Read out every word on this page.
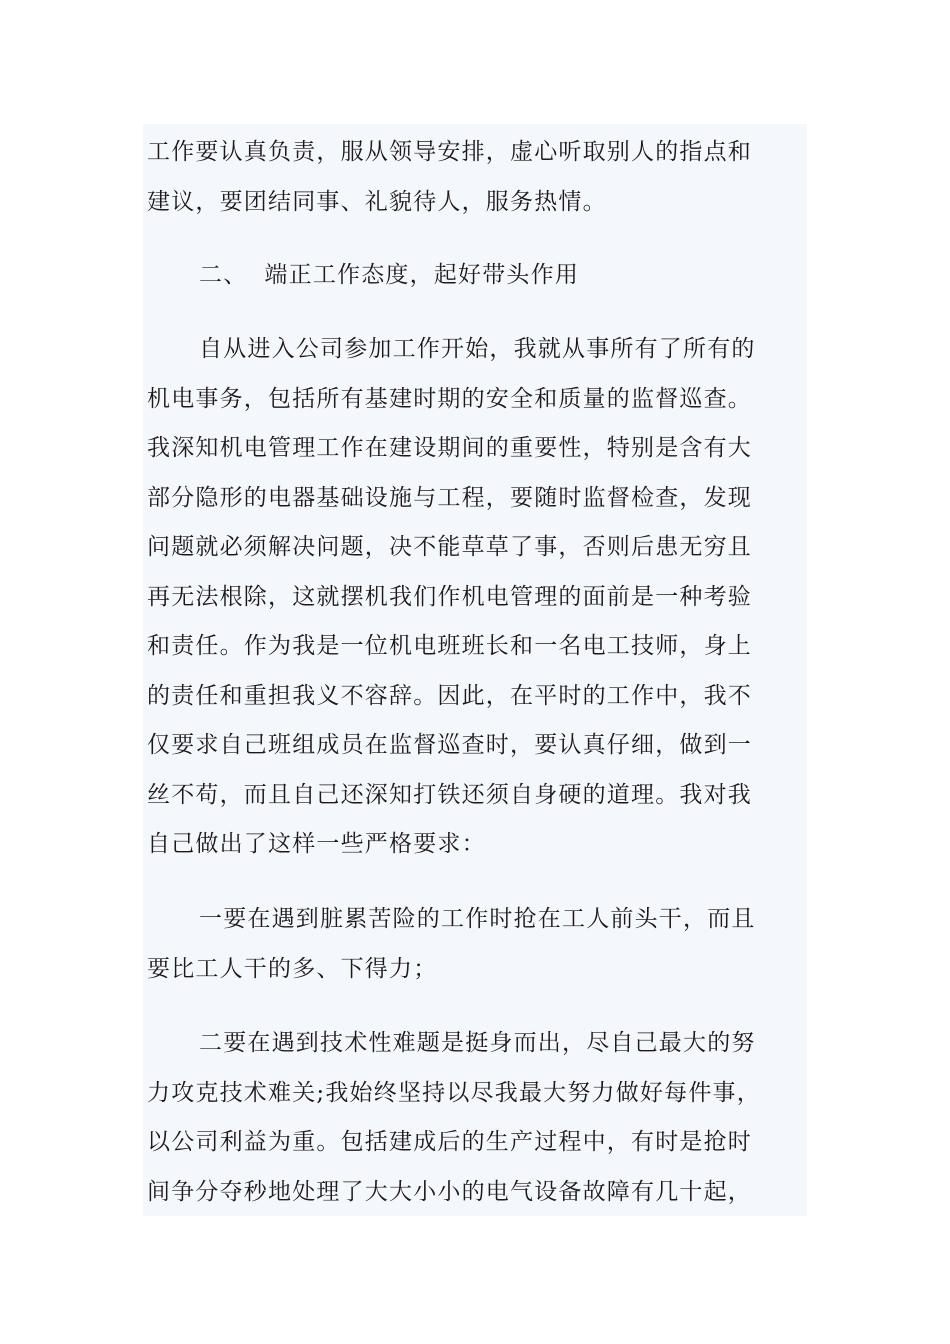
工作要认真负责，服从领导安排，虚心听取别人的指点和
建议，要团结同事、礼貌待人，服务热情。
二、  端正工作态度，起好带头作用
自从进入公司参加工作开始，我就从事所有了所有的
机电事务，包括所有基建时期的安全和质量的监督巡查。
我深知机电管理工作在建设期间的重要性，特别是含有大
部分隐形的电器基础设施与工程，要随时监督检查，发现
问题就必须解决问题，决不能草草了事，否则后患无穷且
再无法根除，这就摆机我们作机电管理的面前是一种考验
和责任。作为我是一位机电班班长和一名电工技师，身上
的责任和重担我义不容辞。因此，在平时的工作中，我不
仅要求自己班组成员在监督巡查时，要认真仔细，做到一
丝不苟，而且自己还深知打铁还须自身硬的道理。我对我
自己做出了这样一些严格要求：
一要在遇到脏累苦险的工作时抢在工人前头干，而且
要比工人干的多、下得力；
二要在遇到技术性难题是挺身而出，尽自己最大的努
力攻克技术难关;我始终坚持以尽我最大努力做好每件事，
以公司利益为重。包括建成后的生产过程中，有时是抢时
间争分夺秒地处理了大大小小的电气设备故障有几十起，
